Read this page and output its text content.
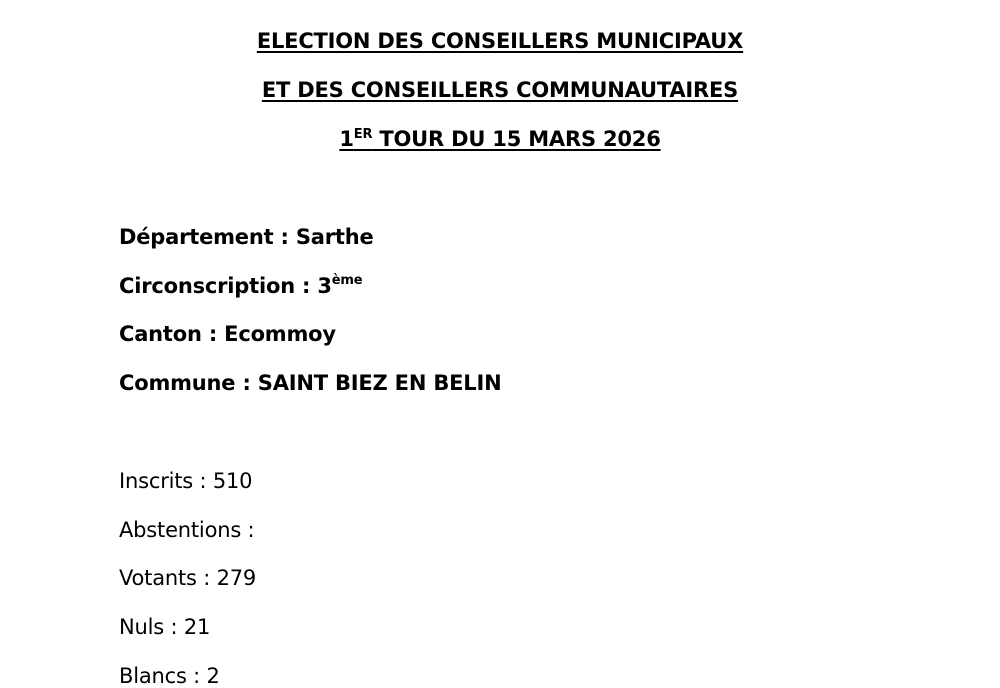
ELECTION DES CONSEILLERS MUNICIPAUX
ET DES CONSEILLERS COMMUNAUTAIRES
1ER TOUR DU 15 MARS 2026
Département : Sarthe
Circonscription : 3ème
Canton : Ecommoy
Commune : SAINT BIEZ EN BELIN
Inscrits : 510
Abstentions :
Votants : 279
Nuls : 21
Blancs : 2
